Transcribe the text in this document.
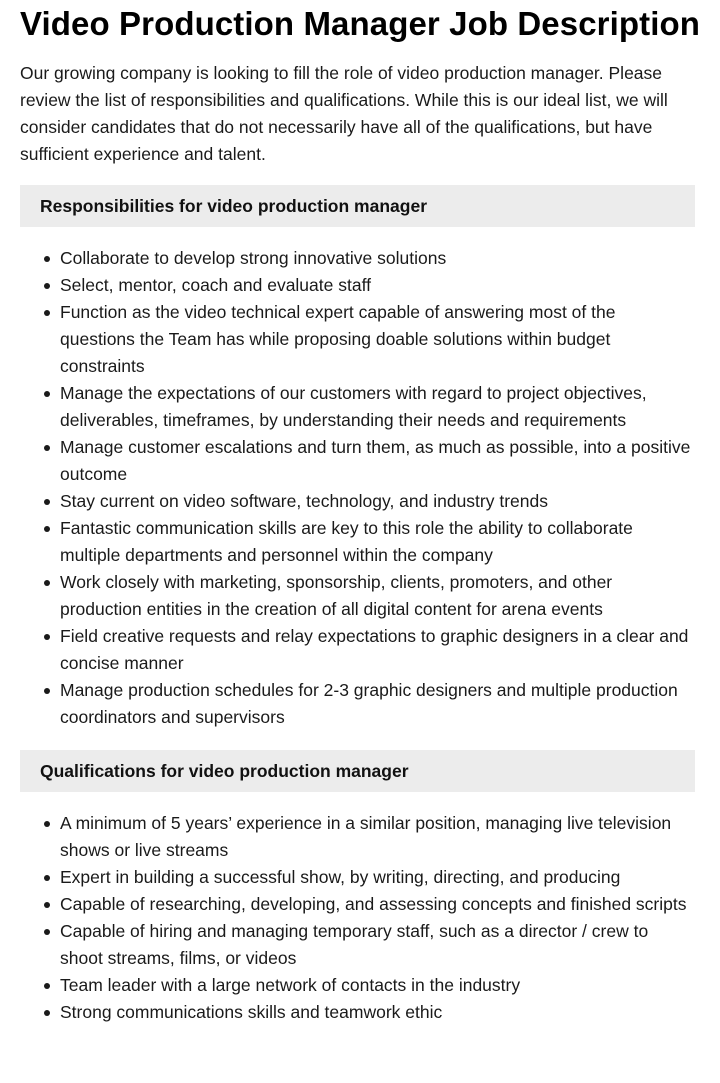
Video Production Manager Job Description

Our growing company is looking to fill the role of video production manager. Please review the list of responsibilities and qualifications. While this is our ideal list, we will consider candidates that do not necessarily have all of the qualifications, but have sufficient experience and talent.

Responsibilities for video production manager
Collaborate to develop strong innovative solutions
Select, mentor, coach and evaluate staff
Function as the video technical expert capable of answering most of the questions the Team has while proposing doable solutions within budget constraints
Manage the expectations of our customers with regard to project objectives, deliverables, timeframes, by understanding their needs and requirements
Manage customer escalations and turn them, as much as possible, into a positive outcome
Stay current on video software, technology, and industry trends
Fantastic communication skills are key to this role the ability to collaborate multiple departments and personnel within the company
Work closely with marketing, sponsorship, clients, promoters, and other production entities in the creation of all digital content for arena events
Field creative requests and relay expectations to graphic designers in a clear and concise manner
Manage production schedules for 2-3 graphic designers and multiple production coordinators and supervisors
Qualifications for video production manager
A minimum of 5 years’ experience in a similar position, managing live television shows or live streams
Expert in building a successful show, by writing, directing, and producing
Capable of researching, developing, and assessing concepts and finished scripts
Capable of hiring and managing temporary staff, such as a director / crew to shoot streams, films, or videos
Team leader with a large network of contacts in the industry
Strong communications skills and teamwork ethic
